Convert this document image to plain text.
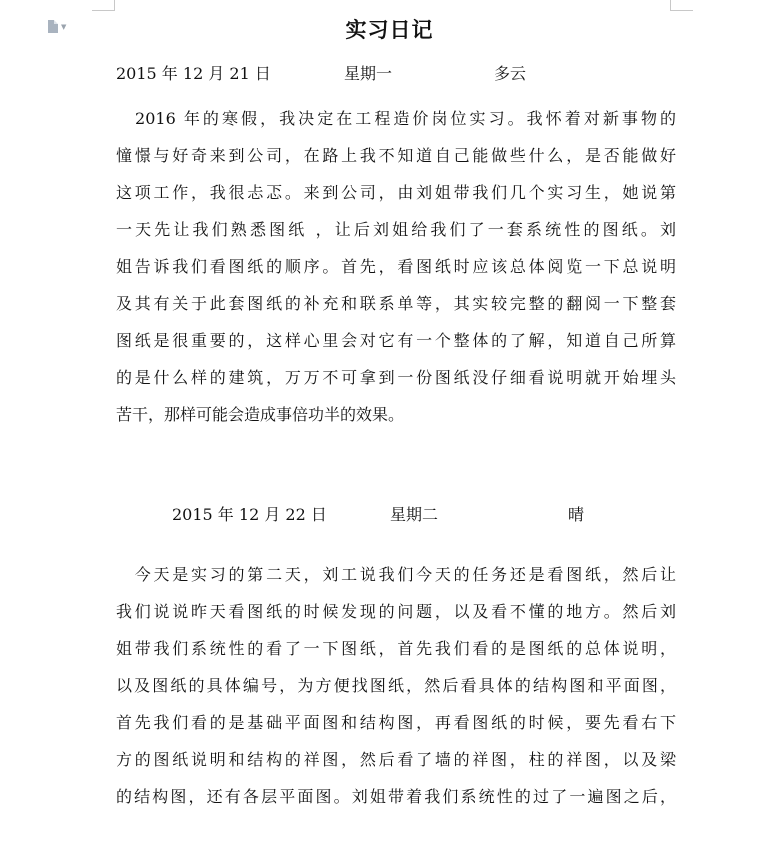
▼	实习日记
2015 年 12 月 21 日	星期一	多云
　2016 年的寒假，我决定在工程造价岗位实习。我怀着对新事物的
憧憬与好奇来到公司，在路上我不知道自己能做些什么，是否能做好
这项工作，我很忐忑。来到公司，由刘姐带我们几个实习生，她说第
一天先让我们熟悉图纸 ，让后刘姐给我们了一套系统性的图纸。刘
姐告诉我们看图纸的顺序。首先，看图纸时应该总体阅览一下总说明
及其有关于此套图纸的补充和联系单等，其实较完整的翻阅一下整套
图纸是很重要的，这样心里会对它有一个整体的了解，知道自己所算
的是什么样的建筑，万万不可拿到一份图纸没仔细看说明就开始埋头
苦干，那样可能会造成事倍功半的效果。
2015 年 12 月 22 日	星期二	晴
　今天是实习的第二天，刘工说我们今天的任务还是看图纸，然后让
我们说说昨天看图纸的时候发现的问题，以及看不懂的地方。然后刘
姐带我们系统性的看了一下图纸，首先我们看的是图纸的总体说明，
以及图纸的具体编号，为方便找图纸，然后看具体的结构图和平面图，
首先我们看的是基础平面图和结构图，再看图纸的时候，要先看右下
方的图纸说明和结构的祥图，然后看了墙的祥图，柱的祥图，以及梁
的结构图，还有各层平面图。刘姐带着我们系统性的过了一遍图之后，
